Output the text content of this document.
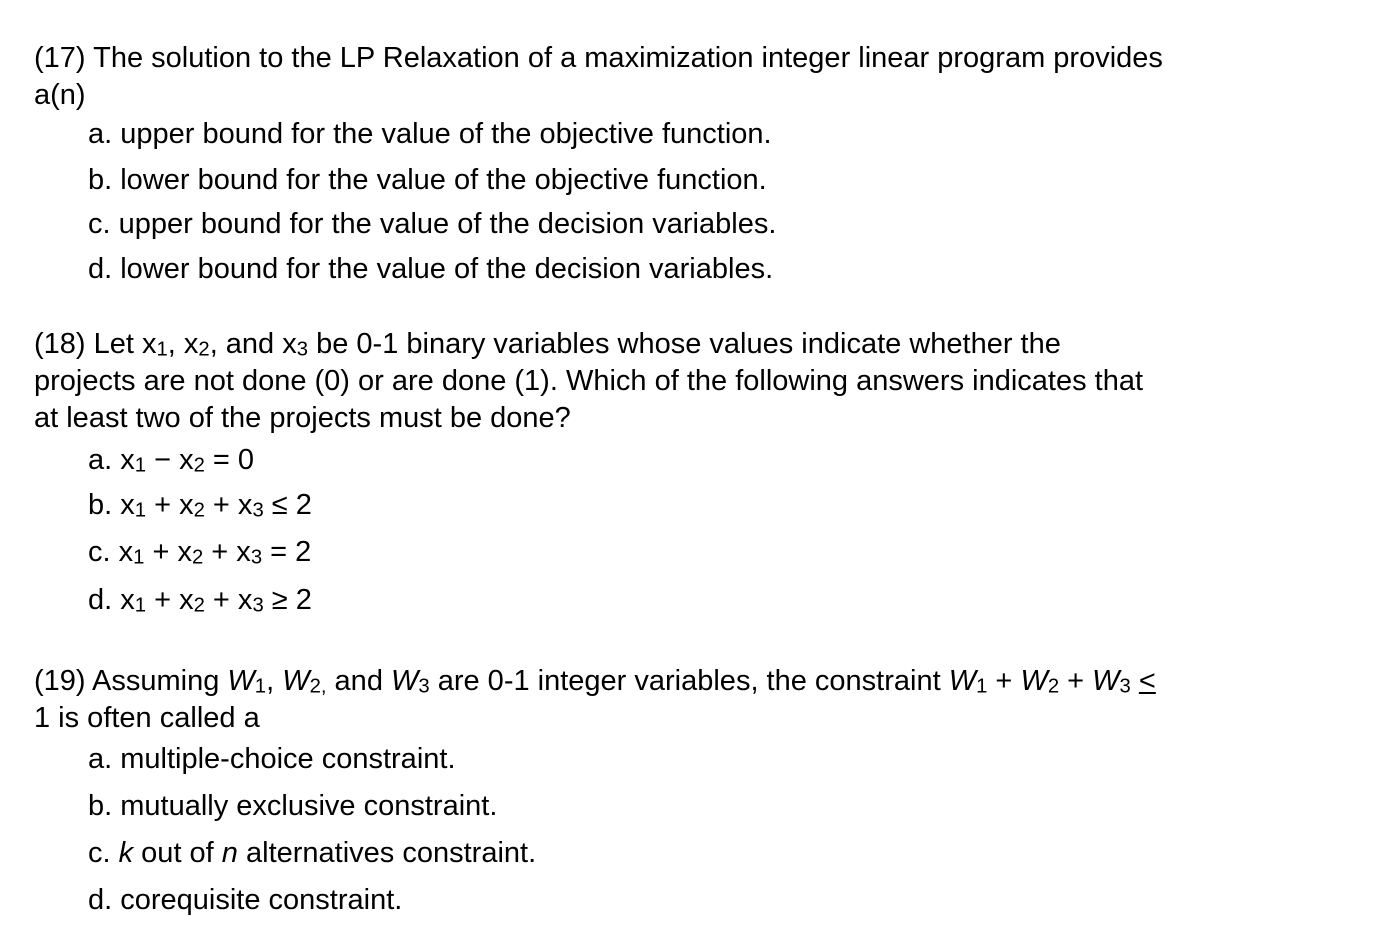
(17) The solution to the LP Relaxation of a maximization integer linear program provides

a(n)

a. upper bound for the value of the objective function.

b. lower bound for the value of the objective function.

c. upper bound for the value of the decision variables.

d. lower bound for the value of the decision variables.

(18) Let $x_1$, $x_2$, and $x_3$ be 0-1 binary variables whose values indicate whether the

projects are not done (0) or are done (1). Which of the following answers indicates that

at least two of the projects must be done?

a. $x_1 - x_2 = 0$

b. $x_1 + x_2 + x_3 \le 2$

c. $x_1 + x_2 + x_3 = 2$

d. $x_1 + x_2 + x_3 \ge 2$

(19) Assuming $W_1$, $W_{2,}$ and $W_3$ are 0-1 integer variables, the constraint $W_1 + W_2 + W_3$ <

1 is often called a

a. multiple-choice constraint.

b. mutually exclusive constraint.

c. k out of n alternatives constraint.

d. corequisite constraint.
